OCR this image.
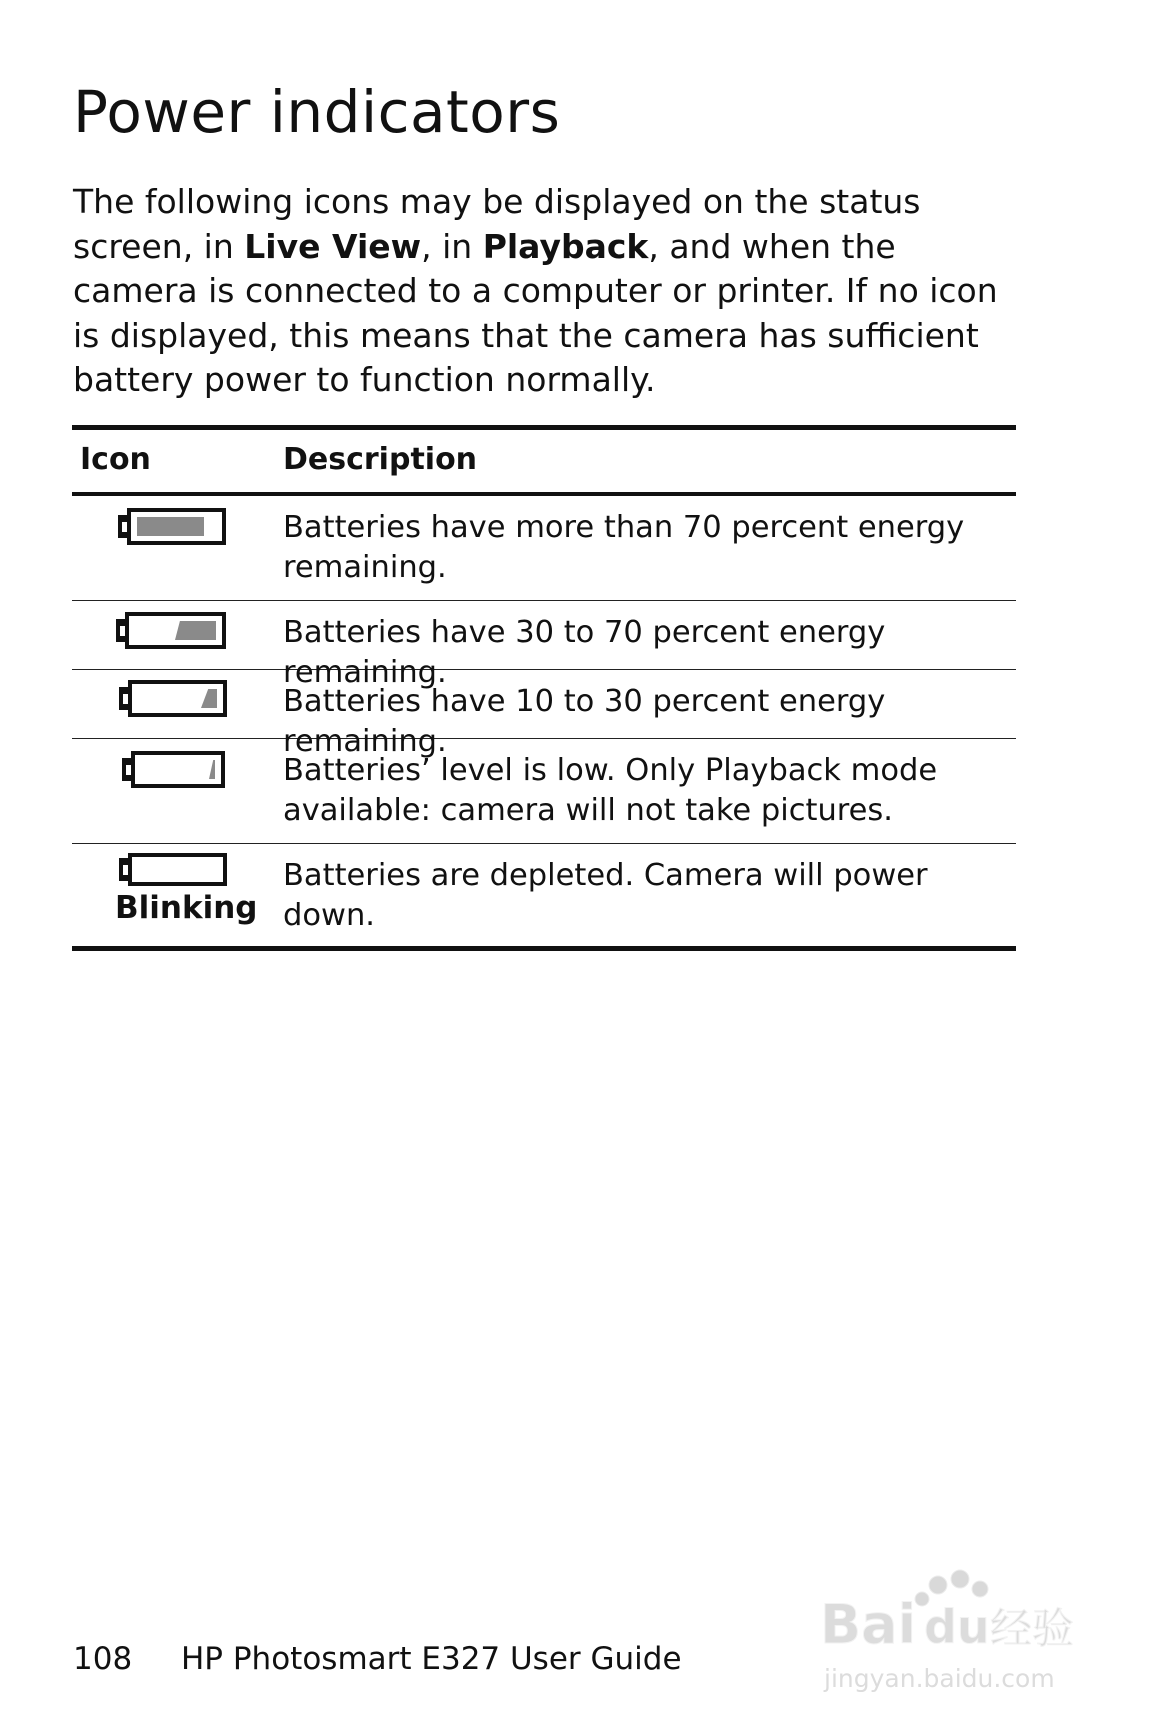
Power indicators

The following icons may be displayed on the status screen, in Live View, in Playback, and when the camera is connected to a computer or printer. If no icon is displayed, this means that the camera has sufficient battery power to function normally.

Icon	Description
Batteries have more than 70 percent energy remaining.
Batteries have 30 to 70 percent energy remaining.
Batteries have 10 to 30 percent energy remaining.
Batteries’ level is low. Only Playback mode available: camera will not take pictures.
Blinking
Batteries are depleted. Camera will power down.
108 HP Photosmart E327 User Guide
Bai du 经验
jingyan.baidu.com
